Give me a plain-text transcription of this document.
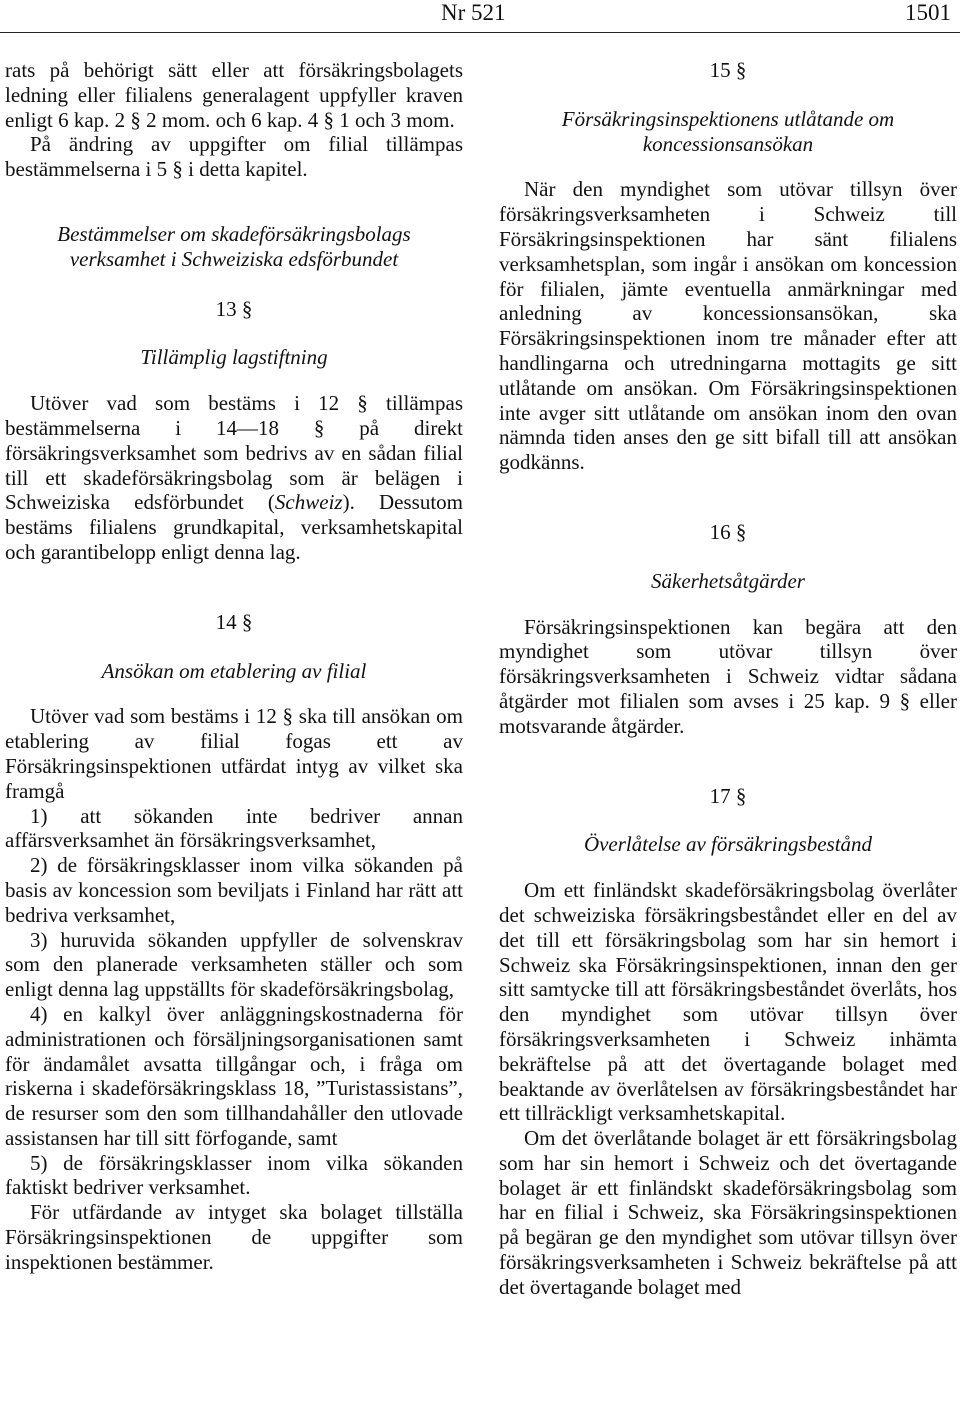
Nr 521	1501

rats på behörigt sätt eller att försäkringsbolagets ledning eller filialens generalagent uppfyller kraven enligt 6 kap. 2 § 2 mom. och 6 kap. 4 § 1 och 3 mom.

På ändring av uppgifter om filial tillämpas bestämmelserna i 5 § i detta kapitel.

Bestämmelser om skadeförsäkringsbolags verksamhet i Schweiziska edsförbundet

13 §

Tillämplig lagstiftning

Utöver vad som bestäms i 12 § tillämpas bestämmelserna i 14—18 § på direkt försäkringsverksamhet som bedrivs av en sådan filial till ett skadeförsäkringsbolag som är belägen i Schweiziska edsförbundet (Schweiz). Dessutom bestäms filialens grundkapital, verksamhetskapital och garantibelopp enligt denna lag.

14 §

Ansökan om etablering av filial

Utöver vad som bestäms i 12 § ska till ansökan om etablering av filial fogas ett av Försäkringsinspektionen utfärdat intyg av vilket ska framgå

1) att sökanden inte bedriver annan affärsverksamhet än försäkringsverksamhet,

2) de försäkringsklasser inom vilka sökanden på basis av koncession som beviljats i Finland har rätt att bedriva verksamhet,

3) huruvida sökanden uppfyller de solvenskrav som den planerade verksamheten ställer och som enligt denna lag uppställts för skadeförsäkringsbolag,

4) en kalkyl över anläggningskostnaderna för administrationen och försäljningsorganisationen samt för ändamålet avsatta tillgångar och, i fråga om riskerna i skadeförsäkringsklass 18, ”Turistassistans”, de resurser som den som tillhandahåller den utlovade assistansen har till sitt förfogande, samt

5) de försäkringsklasser inom vilka sökanden faktiskt bedriver verksamhet.

För utfärdande av intyget ska bolaget tillställa Försäkringsinspektionen de uppgifter som inspektionen bestämmer.

15 §

Försäkringsinspektionens utlåtande om koncessionsansökan

När den myndighet som utövar tillsyn över försäkringsverksamheten i Schweiz till Försäkringsinspektionen har sänt filialens verksamhetsplan, som ingår i ansökan om koncession för filialen, jämte eventuella anmärkningar med anledning av koncessionsansökan, ska Försäkringsinspektionen inom tre månader efter att handlingarna och utredningarna mottagits ge sitt utlåtande om ansökan. Om Försäkringsinspektionen inte avger sitt utlåtande om ansökan inom den ovan nämnda tiden anses den ge sitt bifall till att ansökan godkänns.

16 §

Säkerhetsåtgärder

Försäkringsinspektionen kan begära att den myndighet som utövar tillsyn över försäkringsverksamheten i Schweiz vidtar sådana åtgärder mot filialen som avses i 25 kap. 9 § eller motsvarande åtgärder.

17 §

Överlåtelse av försäkringsbestånd

Om ett finländskt skadeförsäkringsbolag överlåter det schweiziska försäkringsbeståndet eller en del av det till ett försäkringsbolag som har sin hemort i Schweiz ska Försäkringsinspektionen, innan den ger sitt samtycke till att försäkringsbeståndet överlåts, hos den myndighet som utövar tillsyn över försäkringsverksamheten i Schweiz inhämta bekräftelse på att det övertagande bolaget med beaktande av överlåtelsen av försäkringsbeståndet har ett tillräckligt verksamhetskapital.

Om det överlåtande bolaget är ett försäkringsbolag som har sin hemort i Schweiz och det övertagande bolaget är ett finländskt skadeförsäkringsbolag som har en filial i Schweiz, ska Försäkringsinspektionen på begäran ge den myndighet som utövar tillsyn över försäkringsverksamheten i Schweiz bekräftelse på att det övertagande bolaget med
